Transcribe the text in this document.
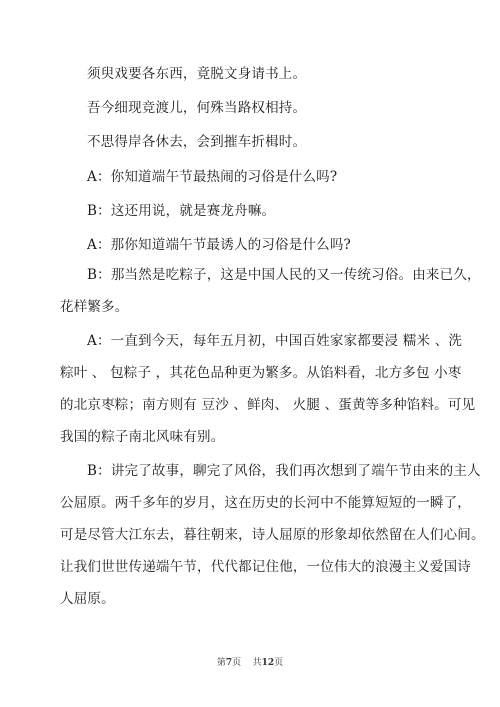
须臾戏要各东西，竟脱文身请书上。
吾今细现竞渡儿，何殊当路权相持。
不思得岸各休去，会到摧车折楫时。
A：你知道端午节最热闹的习俗是什么吗?
B：这还用说，就是赛龙舟嘛。
A：那你知道端午节最诱人的习俗是什么吗?
B：那当然是吃粽子，这是中国人民的又一传统习俗。由来已久，
花样繁多。
A：一直到今天，每年五月初，中国百姓家家都要浸 糯米 、洗
粽叶 、 包粽子 ，其花色品种更为繁多。从馅料看，北方多包 小枣
的北京枣粽；南方则有 豆沙 、鲜肉、 火腿 、蛋黄等多种馅料。可见
我国的粽子南北风味有别。
B：讲完了故事，聊完了风俗，我们再次想到了端午节由来的主人
公屈原。两千多年的岁月，这在历史的长河中不能算短短的一瞬了，
可是尽管大江东去，暮往朝来，诗人屈原的形象却依然留在人们心间。
让我们世世传递端午节，代代都记住他，一位伟大的浪漫主义爱国诗
人屈原。
第7页    共12页
